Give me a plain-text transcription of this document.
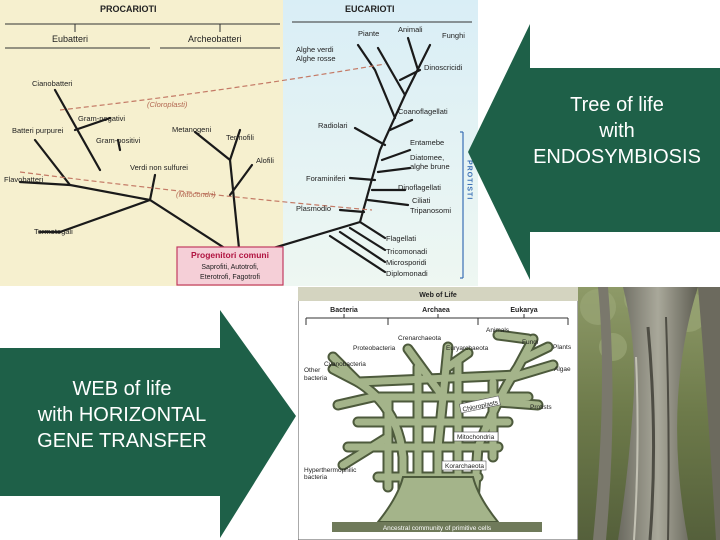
PROCARIOTI	EUCARIOTI
Eubatteri	Archeobatteri
Cianobatteri
Gram-negativi
Batteri purpurei
Gram-positivi
Metanogeni
Termofili
Alofili
Verdi non sulfurei
Flavobatteri
Termotogali
(Cloroplasti)
(Mitocondri)
Piante Animali
Funghi
Alghe verdi
Alghe rosse
Dinoscricidi
Coanoflagellati
Radiolari
Entamebe
Diatomee,
alghe brune
Foraminiferi
Dinoflagellati
Ciliati
Tripanosomi
Plasmodio
Flagellati
Tricomonadi
Microsporidi
Diplomonadi
PROTISTI
Progenitori comuni
Saprofiti, Autotrofi,
Eterotrofi, Fagotrofi
Tree of life
with
ENDOSYMBIOSIS
WEB of life
with HORIZONTAL
GENE TRANSFER
Web of Life
Bacteria	Archaea	Eukarya
Crenarchaeota
Animals
Fungi
Plants
Proteobacteria	Euryarchaeota
Cyanobacteria
Algae
Other
bacteria
Protists
Hyperthermophilic
bacteria
Chloroplasts
Mitochondria
Korarchaeota
Ancestral community of primitive cells
